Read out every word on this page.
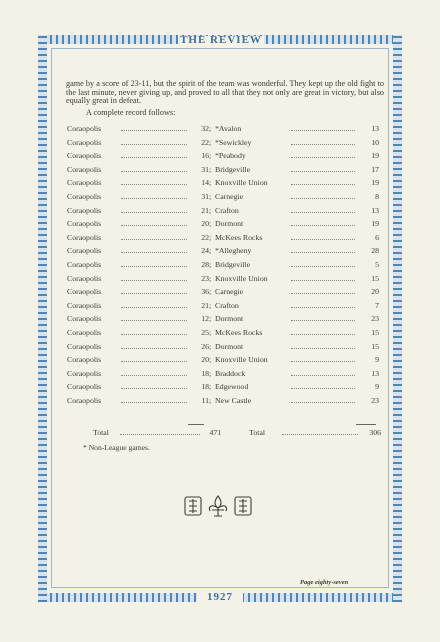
THE REVIEW
game by a score of 23-11, but the spirit of the team was wonderful. They kept up the old fight to the last minute, never giving up, and proved to all that they not only are great in victory, but also equally great in defeat.
A complete record follows:
Coraopolis	32 ; *Avalon	13
Coraopolis	22 ; *Sewickley	10
Coraopolis	16 ; *Peabody	19
Coraopolis	31 ; Bridgeville	17
Coraopolis	14 ; Knoxville Union	19
Coraopolis	31 ; Carnegie	8
Coraopolis	21 ; Crafton	13
Coraopolis	20 ; Dormont	19
Coraopolis	22 ; McKees Rocks	6
Coraopolis	24 ; *Allegheny	28
Coraopolis	28 ; Bridgeville	5
Coraopolis	23 ; Knoxville Union	15
Coraopolis	36 ; Carnegie	20
Coraopolis	21 ; Crafton	7
Coraopolis	12 ; Dormont	23
Coraopolis	25 ; McKees Rocks	15
Coraopolis	26 ; Dormont	15
Coraopolis	20 ; Knoxville Union	9
Coraopolis	18 ; Braddock	13
Coraopolis	18 ; Edgewood	9
Coraopolis	11 ; New Castle	23
Total	471	Total	306
* Non-League games.
Page eighty-seven
1927
